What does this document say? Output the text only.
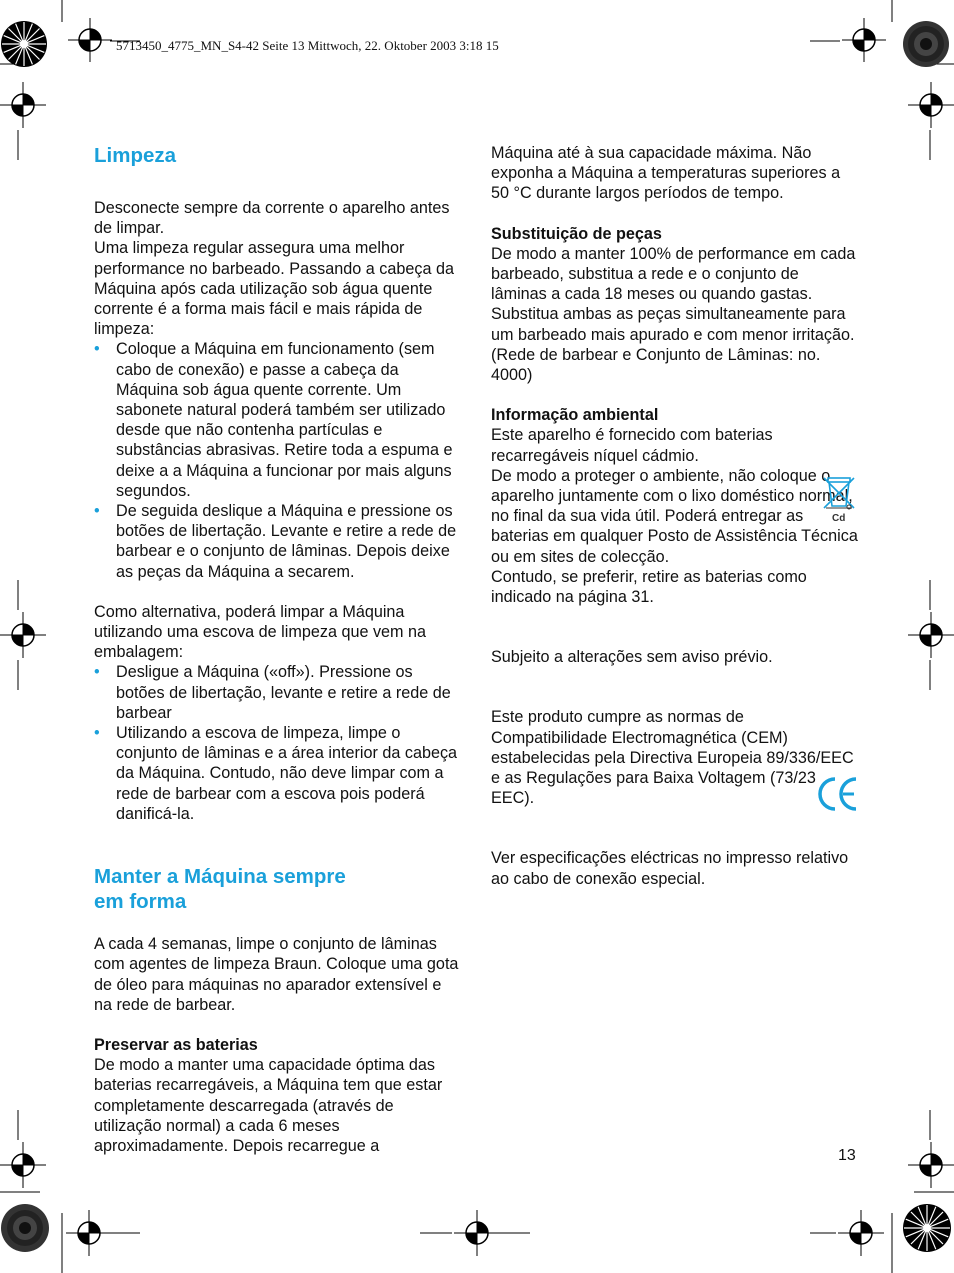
5713450_4775_MN_S4-42 Seite 13 Mittwoch, 22. Oktober 2003 3:18 15
Limpeza

Desconecte sempre da corrente o aparelho antes de limpar.

Uma limpeza regular assegura uma melhor performance no barbeado. Passando a cabeça da Máquina após cada utilização sob água quente corrente é a forma mais fácil e mais rápida de limpeza:

• Coloque a Máquina em funcionamento (sem cabo de conexão) e passe a cabeça da Máquina sob água quente corrente. Um sabonete natural poderá também ser utilizado desde que não contenha partículas e substâncias abrasivas. Retire toda a espuma e deixe a a Máquina a funcionar por mais alguns segundos.
• De seguida deslique a Máquina e pressione os botões de libertação. Levante e retire a rede de barbear e o conjunto de lâminas. Depois deixe as peças da Máquina a secarem.

Como alternativa, poderá limpar a Máquina utilizando uma escova de limpeza que vem na embalagem:

• Desligue a Máquina («off»). Pressione os botões de libertação, levante e retire a rede de barbear
• Utilizando a escova de limpeza, limpe o conjunto de lâminas e a área interior da cabeça da Máquina. Contudo, não deve limpar com a rede de barbear com a escova pois poderá danificá-la.
Manter a Máquina sempre
em forma

A cada 4 semanas, limpe o conjunto de lâminas com agentes de limpeza Braun. Coloque uma gota de óleo para máquinas no aparador extensível e na rede de barbear.

Preservar as baterias

De modo a manter uma capacidade óptima das baterias recarregáveis, a Máquina tem que estar completamente descarregada (através de utilização normal) a cada 6 meses aproximadamente. Depois recarregue a

Máquina até à sua capacidade máxima. Não exponha a Máquina a temperaturas superiores a 50 °C durante largos períodos de tempo.

Substituição de peças

De modo a manter 100% de performance em cada barbeado, substitua a rede e o conjunto de lâminas a cada 18 meses ou quando gastas. Substitua ambas as peças simultaneamente para um barbeado mais apurado e com menor irritação.

(Rede de barbear e Conjunto de Lâminas: no. 4000)

Informação ambiental

Este aparelho é fornecido com baterias recarregáveis níquel cádmio.

De modo a proteger o ambiente, não coloque o aparelho juntamente com o lixo doméstico normal, no final da sua vida útil. Poderá entregar as baterias em qualquer Posto de Assistência Técnica ou em sites de colecção.

Contudo, se preferir, retire as baterias como indicado na página 31.

Subjeito a alterações sem aviso prévio.

Este produto cumpre as normas de Compatibilidade Electromagnética (CEM) estabelecidas pela Directiva Europeia 89/336/EEC e as Regulações para Baixa Voltagem (73/23 EEC).

Ver especificações eléctricas no impresso relativo ao cabo de conexão especial.

Cd
13
